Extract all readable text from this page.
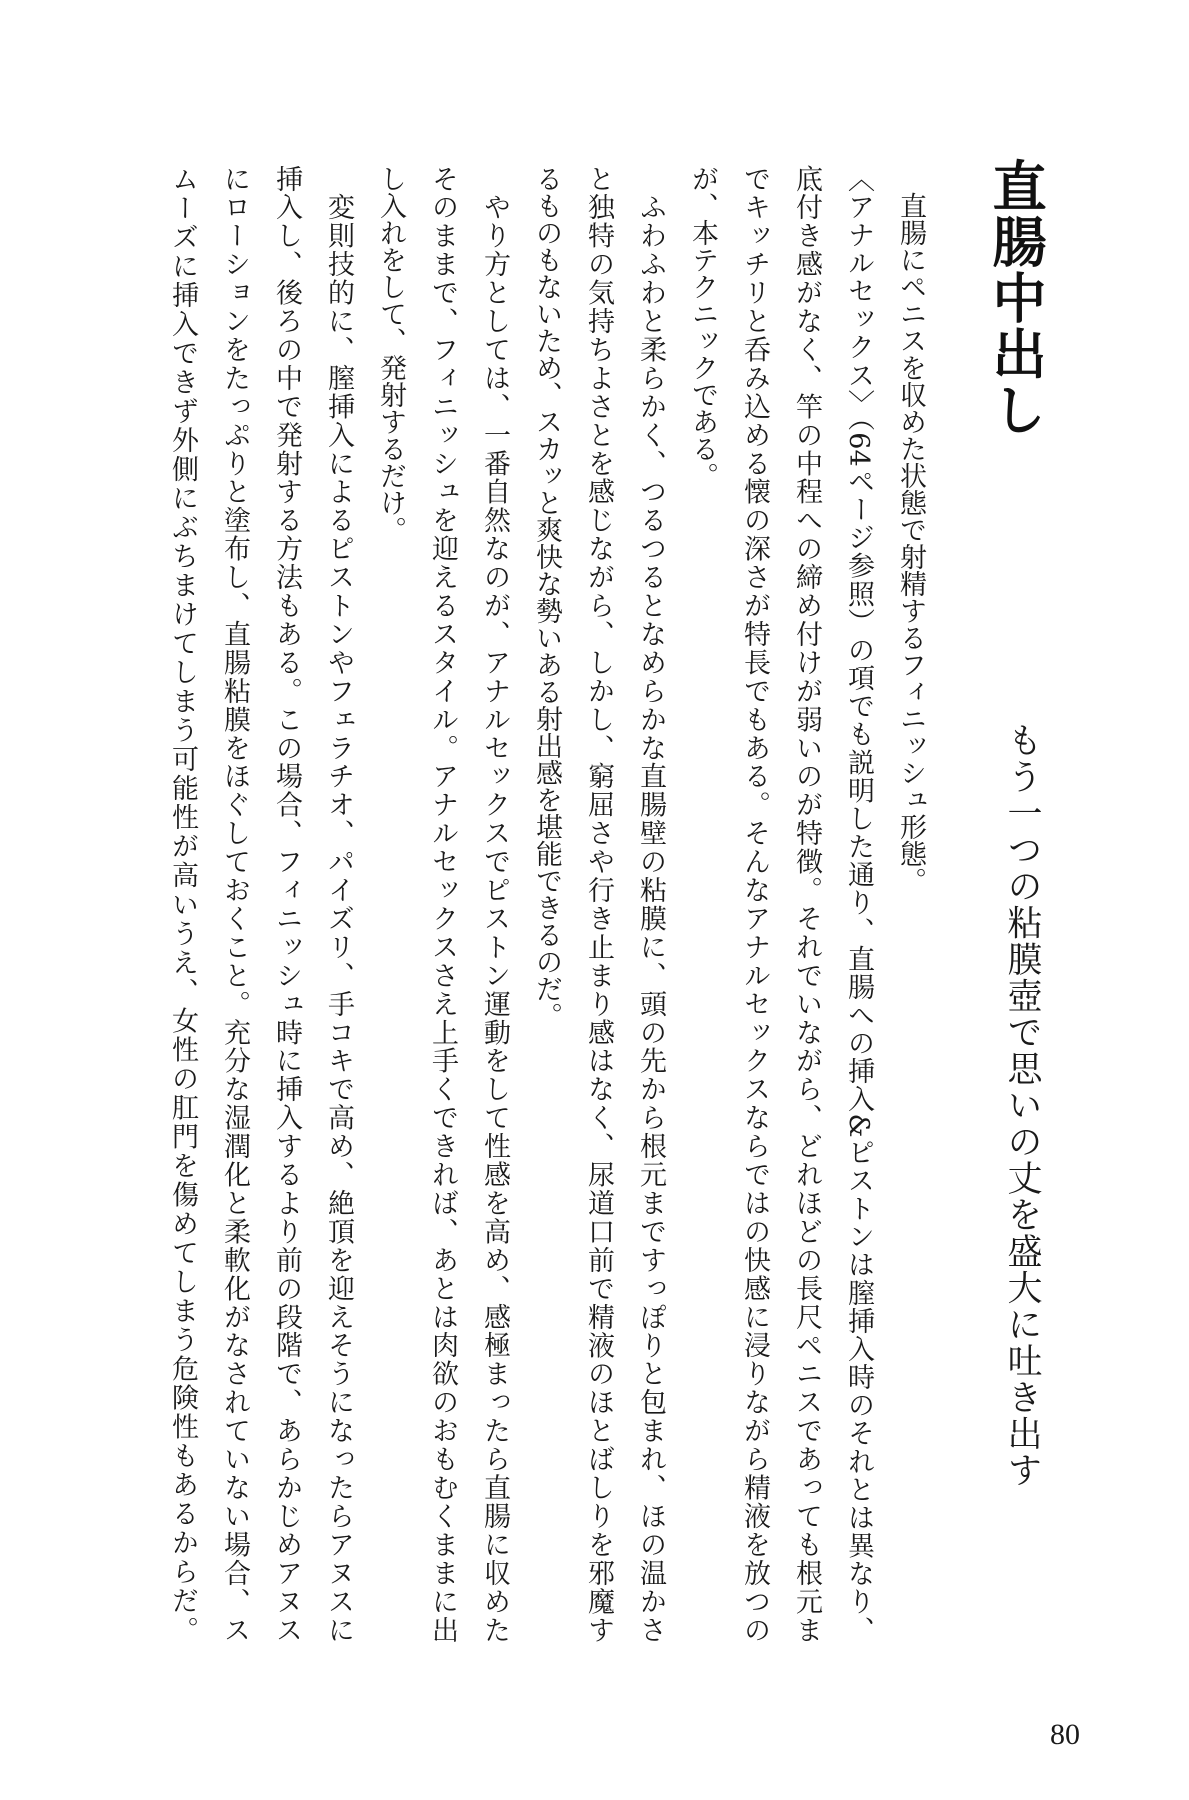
直腸中出し
もう一つの粘膜壺で思いの丈を盛大に吐き出す
　直腸にペニスを収めた状態で射精するフィニッシュ形態。
〈アナルセックス〉（64ページ参照）の項でも説明した通り、直腸への挿入&ピストンは膣挿入時のそれとは異なり、
底付き感がなく、竿の中程への締め付けが弱いのが特徴。それでいながら、どれほどの長尺ペニスであっても根元ま
でキッチリと呑み込める懐の深さが特長でもある。そんなアナルセックスならではの快感に浸りながら精液を放つの
が、本テクニックである。
　ふわふわと柔らかく、つるつるとなめらかな直腸壁の粘膜に、頭の先から根元まですっぽりと包まれ、ほの温かさ
と独特の気持ちよさとを感じながら、しかし、窮屈さや行き止まり感はなく、尿道口前で精液のほとばしりを邪魔す
るものもないため、スカッと爽快な勢いある射出感を堪能できるのだ。
　やり方としては、一番自然なのが、アナルセックスでピストン運動をして性感を高め、感極まったら直腸に収めた
そのままで、フィニッシュを迎えるスタイル。アナルセックスさえ上手くできれば、あとは肉欲のおもむくままに出
し入れをして、発射するだけ。
　変則技的に、膣挿入によるピストンやフェラチオ、パイズリ、手コキで高め、絶頂を迎えそうになったらアヌスに
挿入し、後ろの中で発射する方法もある。この場合、フィニッシュ時に挿入するより前の段階で、あらかじめアヌス
にローションをたっぷりと塗布し、直腸粘膜をほぐしておくこと。充分な湿潤化と柔軟化がなされていない場合、ス
ムーズに挿入できず外側にぶちまけてしまう可能性が高いうえ、女性の肛門を傷めてしまう危険性もあるからだ。
80
